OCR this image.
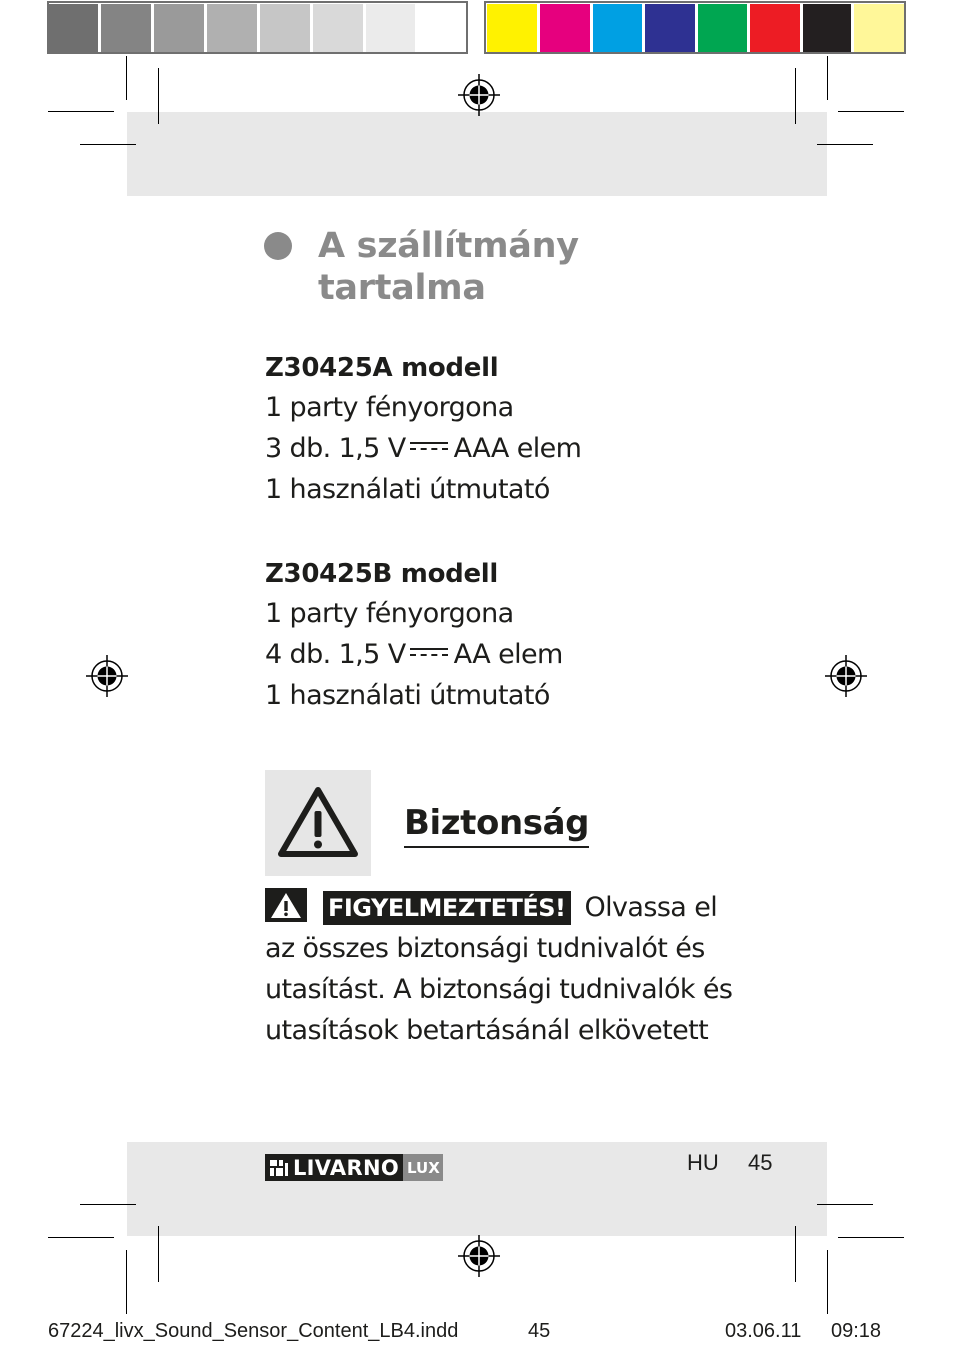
A szállítmány
tartalma
Z30425A modell
1 party fényorgona
3 db. 1,5 V AAA elem
1 használati útmutató
Z30425B modell
1 party fényorgona
4 db. 1,5 V AA elem
1 használati útmutató
Biztonság
FIGYELMEZTETÉS! Olvassa el
az összes biztonsági tudnivalót és
utasítást. A biztonsági tudnivalók és
utasítások betartásánál elkövetett
LIVARNO LUX	HU 45
67224_livx_Sound_Sensor_Content_LB4.indd	45	03.06.11 09:18
